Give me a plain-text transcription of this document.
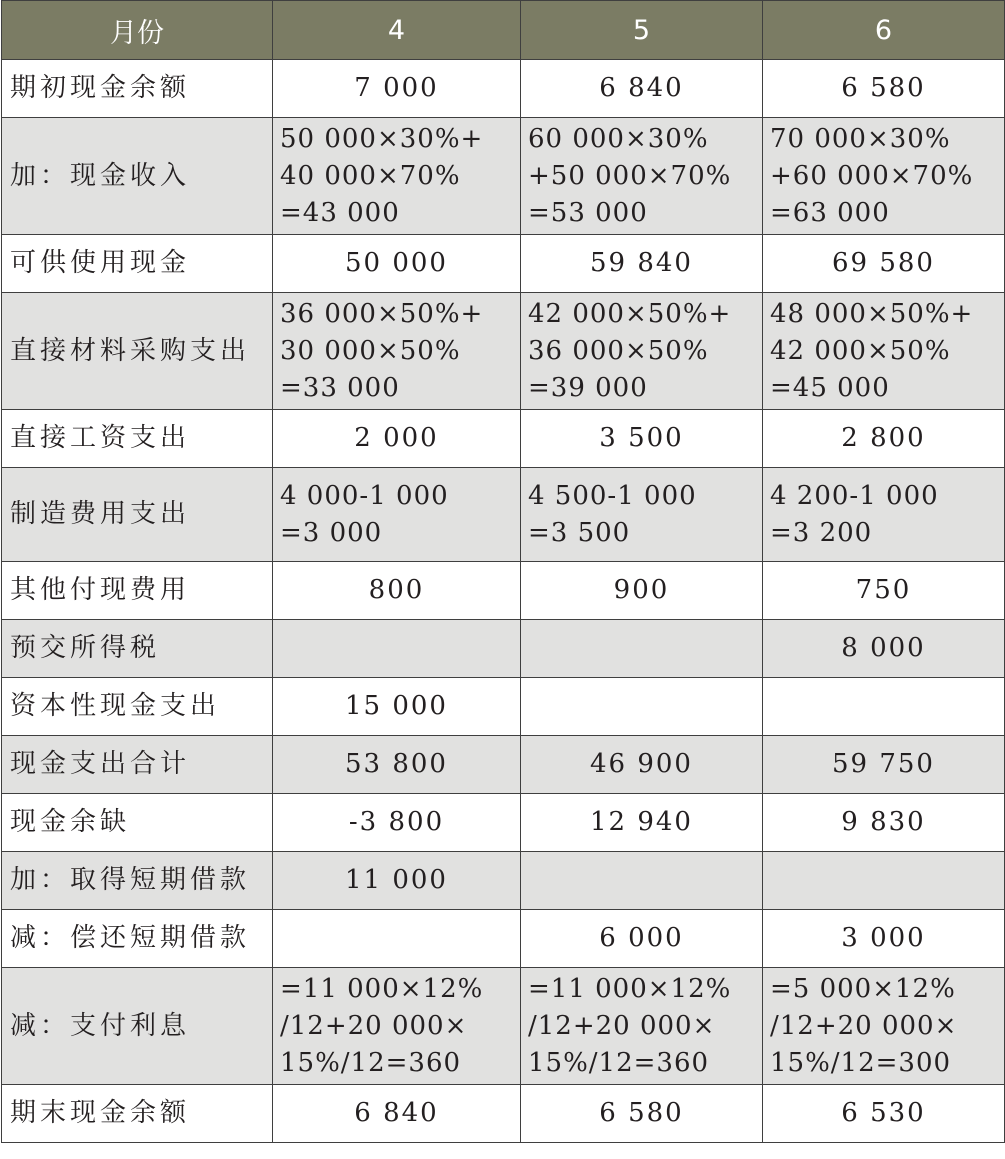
月份	4	5	6
期初现金余额	7 000	6 840	6 580
加：现金收入	50 000×30%+
40 000×70%
=43 000	60 000×30%
+50 000×70%
=53 000	70 000×30%
+60 000×70%
=63 000
可供使用现金	50 000	59 840	69 580
直接材料采购支出	36 000×50%+
30 000×50%
=33 000	42 000×50%+
36 000×50%
=39 000	48 000×50%+
42 000×50%
=45 000
直接工资支出	2 000	3 500	2 800
制造费用支出	4 000-1 000
=3 000	4 500-1 000
=3 500	4 200-1 000
=3 200
其他付现费用	800	900	750
预交所得税			8 000
资本性现金支出	15 000		
现金支出合计	53 800	46 900	59 750
现金余缺	-3 800	12 940	9 830
加：取得短期借款	11 000		
减：偿还短期借款		6 000	3 000
减：支付利息	=11 000×12%
/12+20 000×
15%/12=360	=11 000×12%
/12+20 000×
15%/12=360	=5 000×12%
/12+20 000×
15%/12=300
期末现金余额	6 840	6 580	6 530
